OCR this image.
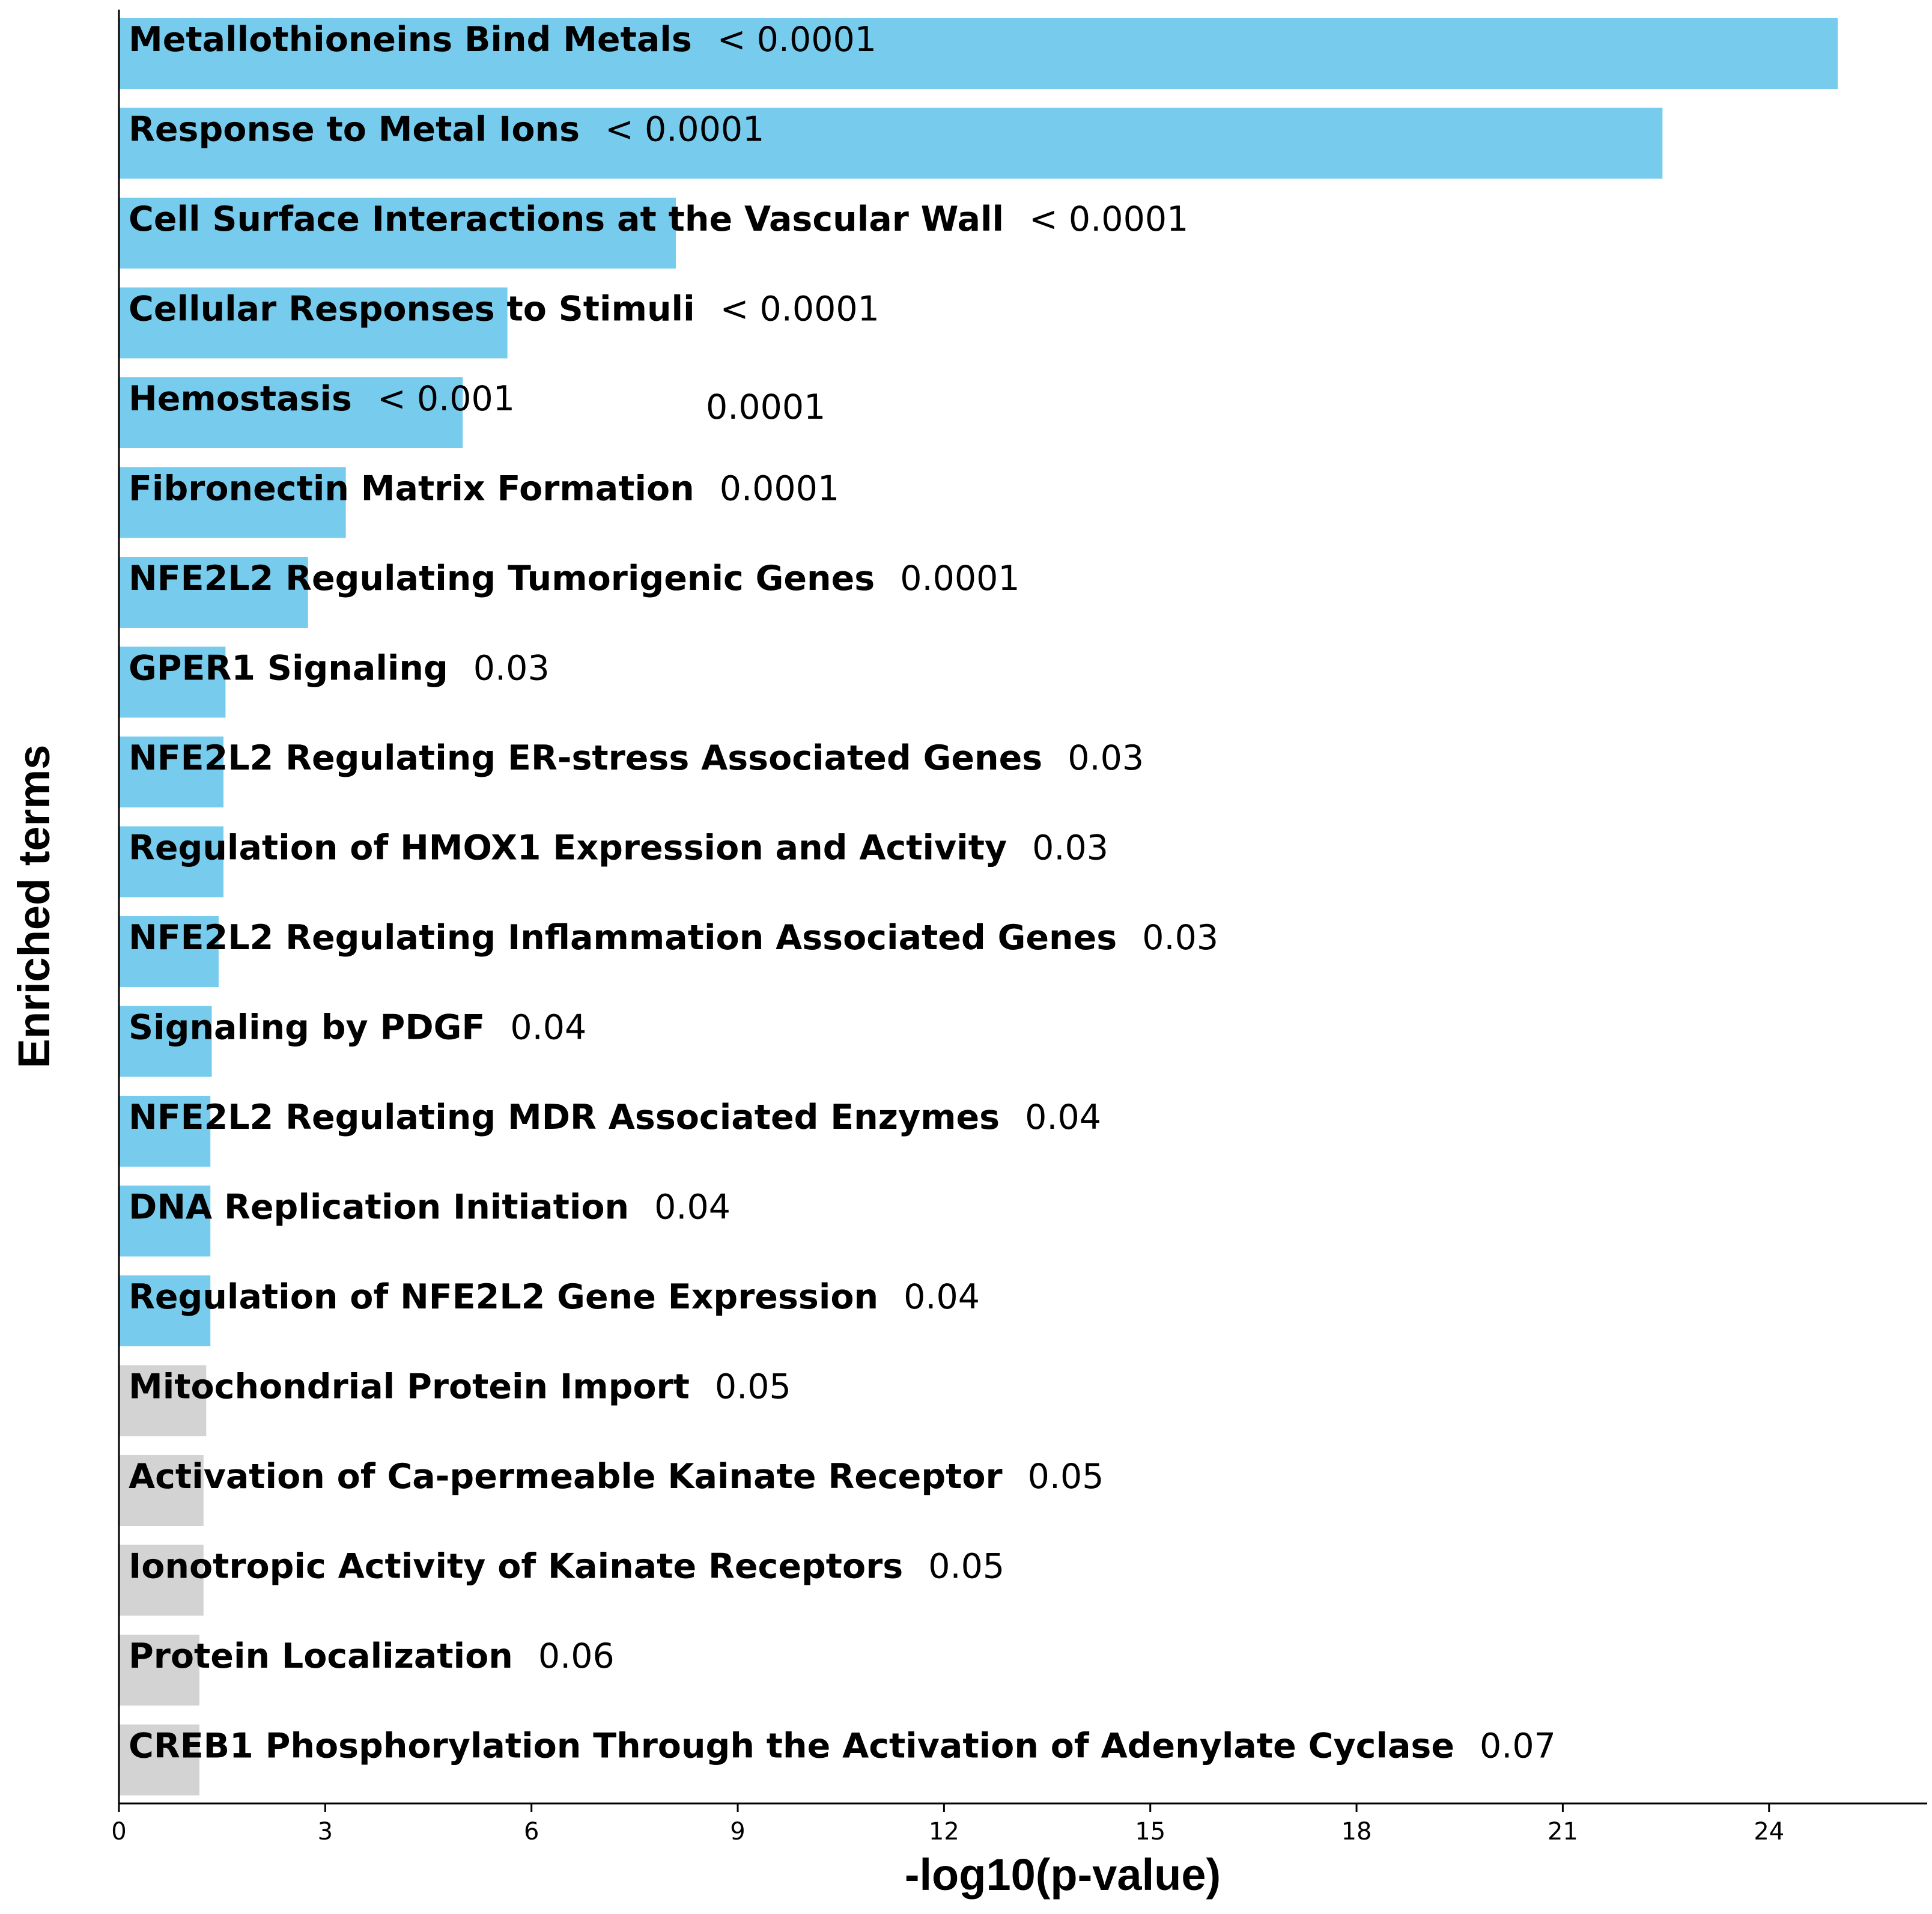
Metallothioneins Bind Metals < 0.0001
Response to Metal Ions < 0.0001
Cell Surface Interactions at the Vascular Wall < 0.0001
Cellular Responses to Stimuli < 0.0001
Hemostasis < 0.001
Fibronectin Matrix Formation 0.0001
NFE2L2 Regulating Tumorigenic Genes 0.0001
GPER1 Signaling 0.03
NFE2L2 Regulating ER-stress Associated Genes 0.03
Regulation of HMOX1 Expression and Activity 0.03
NFE2L2 Regulating Inflammation Associated Genes 0.03
Signaling by PDGF 0.04
NFE2L2 Regulating MDR Associated Enzymes 0.04
DNA Replication Initiation 0.04
Regulation of NFE2L2 Gene Expression 0.04
Mitochondrial Protein Import 0.05
Activation of Ca-permeable Kainate Receptor 0.05
Ionotropic Activity of Kainate Receptors 0.05
Protein Localization 0.06
CREB1 Phosphorylation Through the Activation of Adenylate Cyclase 0.07
0	3	6	9	12	15	18	21	24
0.0001
-log10(p-value)
Enriched terms
